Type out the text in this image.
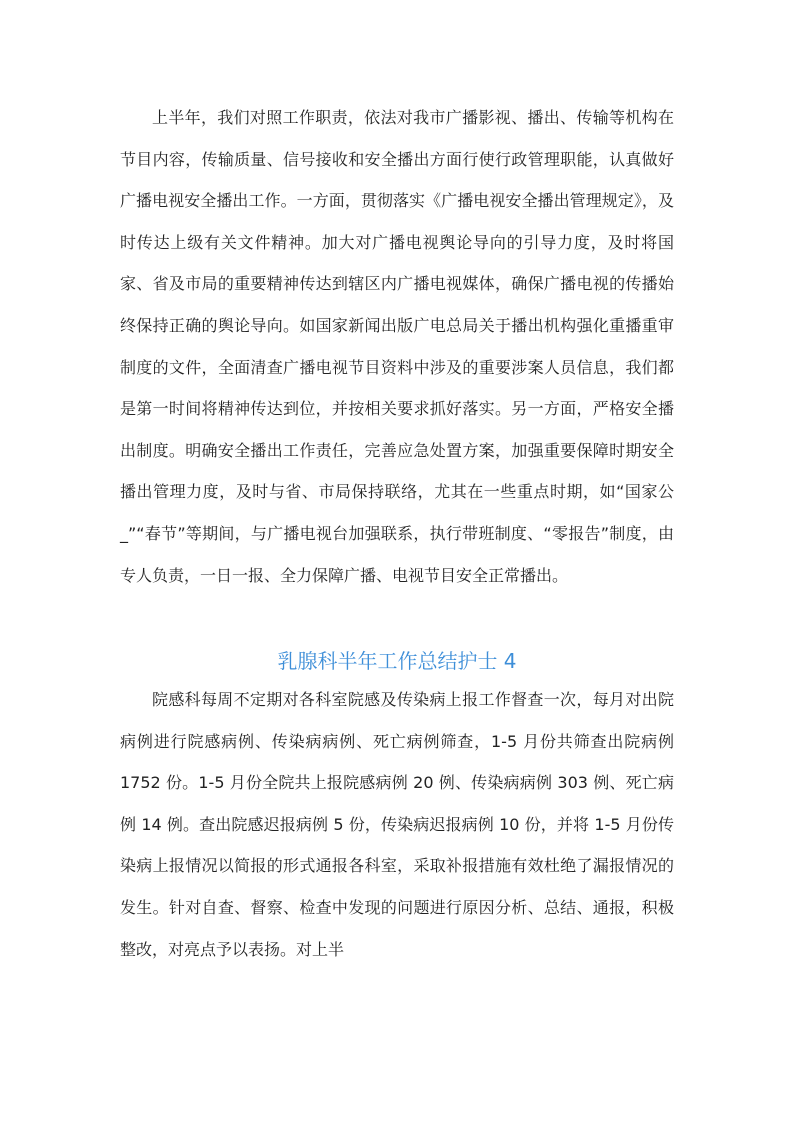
上半年，我们对照工作职责，依法对我市广播影视、播出、传输等机构在节目内容，传输质量、信号接收和安全播出方面行使行政管理职能，认真做好广播电视安全播出工作。一方面，贯彻落实《广播电视安全播出管理规定》，及时传达上级有关文件精神。加大对广播电视舆论导向的引导力度，及时将国家、省及市局的重要精神传达到辖区内广播电视媒体，确保广播电视的传播始终保持正确的舆论导向。如国家新闻出版广电总局关于播出机构强化重播重审制度的文件，全面清查广播电视节目资料中涉及的重要涉案人员信息，我们都是第一时间将精神传达到位，并按相关要求抓好落实。另一方面，严格安全播出制度。明确安全播出工作责任，完善应急处置方案，加强重要保障时期安全播出管理力度，及时与省、市局保持联络，尤其在一些重点时期，如“国家公_”“春节”等期间，与广播电视台加强联系，执行带班制度、“零报告”制度，由专人负责，一日一报、全力保障广播、电视节目安全正常播出。

乳腺科半年工作总结护士 4

院感科每周不定期对各科室院感及传染病上报工作督查一次，每月对出院病例进行院感病例、传染病病例、死亡病例筛查，1-5 月份共筛查出院病例 1752 份。1-5 月份全院共上报院感病例 20 例、传染病病例 303 例、死亡病例 14 例。查出院感迟报病例 5 份，传染病迟报病例 10 份，并将 1-5 月份传染病上报情况以简报的形式通报各科室，采取补报措施有效杜绝了漏报情况的发生。针对自查、督察、检查中发现的问题进行原因分析、总结、通报，积极整改，对亮点予以表扬。对上半
